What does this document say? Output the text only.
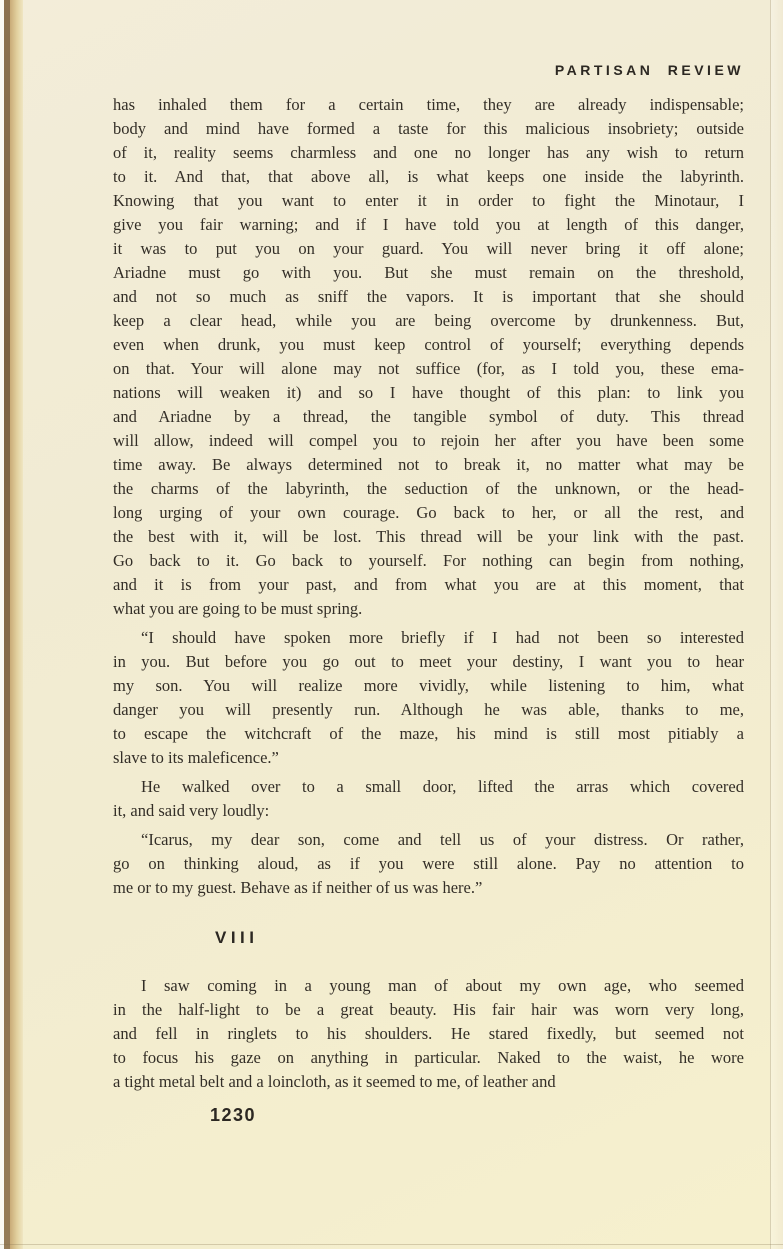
PARTISAN REVIEW
has inhaled them for a certain time, they are already indispensable;
body and mind have formed a taste for this malicious insobriety; outside
of it, reality seems charmless and one no longer has any wish to return
to it. And that, that above all, is what keeps one inside the labyrinth.
Knowing that you want to enter it in order to fight the Minotaur, I
give you fair warning; and if I have told you at length of this danger,
it was to put you on your guard. You will never bring it off alone;
Ariadne must go with you. But she must remain on the threshold,
and not so much as sniff the vapors. It is important that she should
keep a clear head, while you are being overcome by drunkenness. But,
even when drunk, you must keep control of yourself; everything depends
on that. Your will alone may not suffice (for, as I told you, these ema-
nations will weaken it) and so I have thought of this plan: to link you
and Ariadne by a thread, the tangible symbol of duty. This thread
will allow, indeed will compel you to rejoin her after you have been some
time away. Be always determined not to break it, no matter what may be
the charms of the labyrinth, the seduction of the unknown, or the head-
long urging of your own courage. Go back to her, or all the rest, and
the best with it, will be lost. This thread will be your link with the past.
Go back to it. Go back to yourself. For nothing can begin from nothing,
and it is from your past, and from what you are at this moment, that
what you are going to be must spring.
“I should have spoken more briefly if I had not been so interested
in you. But before you go out to meet your destiny, I want you to hear
my son. You will realize more vividly, while listening to him, what
danger you will presently run. Although he was able, thanks to me,
to escape the witchcraft of the maze, his mind is still most pitiably a
slave to its maleficence.”
He walked over to a small door, lifted the arras which covered
it, and said very loudly:
“Icarus, my dear son, come and tell us of your distress. Or rather,
go on thinking aloud, as if you were still alone. Pay no attention to
me or to my guest. Behave as if neither of us was here.”
VIII
I saw coming in a young man of about my own age, who seemed
in the half-light to be a great beauty. His fair hair was worn very long,
and fell in ringlets to his shoulders. He stared fixedly, but seemed not
to focus his gaze on anything in particular. Naked to the waist, he wore
a tight metal belt and a loincloth, as it seemed to me, of leather and
1230
